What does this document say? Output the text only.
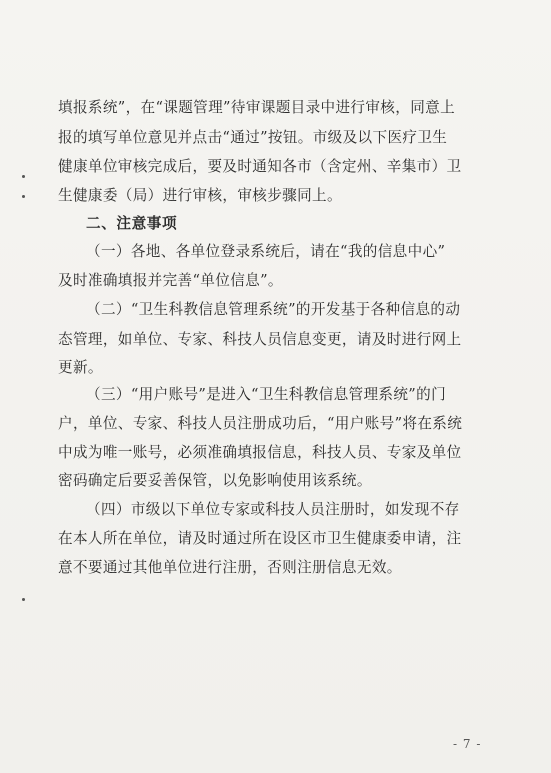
填报系统”，在“课题管理”待审课题目录中进行审核，同意上
报的填写单位意见并点击“通过”按钮。市级及以下医疗卫生
健康单位审核完成后，要及时通知各市（含定州、辛集市）卫
生健康委（局）进行审核，审核步骤同上。
二、注意事项
（一）各地、各单位登录系统后，请在“我的信息中心”
及时准确填报并完善“单位信息”。
（二）“卫生科教信息管理系统”的开发基于各种信息的动
态管理，如单位、专家、科技人员信息变更，请及时进行网上
更新。
（三）“用户账号”是进入“卫生科教信息管理系统”的门
户，单位、专家、科技人员注册成功后，“用户账号”将在系统
中成为唯一账号，必须准确填报信息，科技人员、专家及单位
密码确定后要妥善保管，以免影响使用该系统。
（四）市级以下单位专家或科技人员注册时，如发现不存
在本人所在单位，请及时通过所在设区市卫生健康委申请，注
意不要通过其他单位进行注册，否则注册信息无效。
- 7 -
